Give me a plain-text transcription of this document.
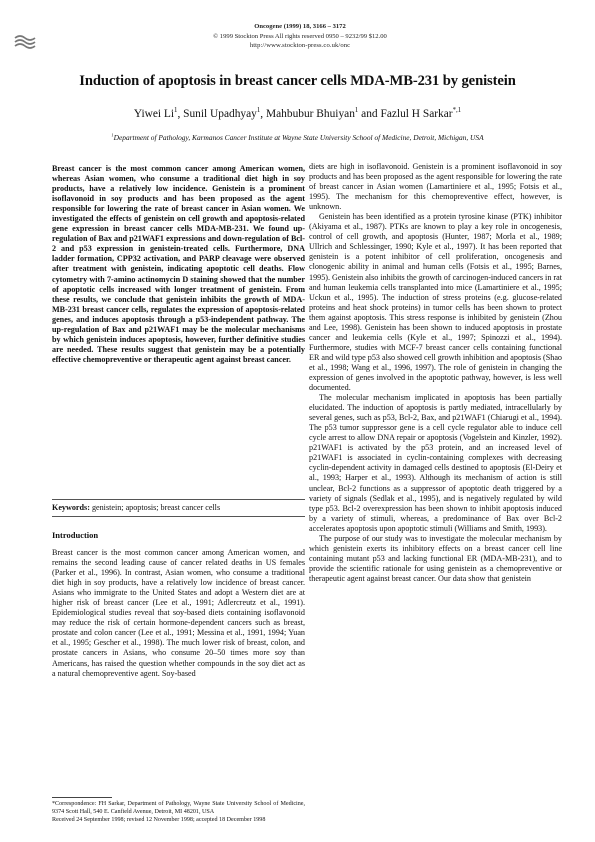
Oncogene (1999) 18, 3166 – 3172
© 1999 Stockton Press All rights reserved 0950 – 9232/99 $12.00
http://www.stockton-press.co.uk/onc
Induction of apoptosis in breast cancer cells MDA-MB-231 by genistein
Yiwei Li$^1$, Sunil Upadhyay$^1$, Mahbubur Bhuiyan$^1$ and Fazlul H Sarkar$^{*,1}$
$^1$Department of Pathology, Karmanos Cancer Institute at Wayne State University School of Medicine, Detroit, Michigan, USA

Breast cancer is the most common cancer among American women, whereas Asian women, who consume a traditional diet high in soy products, have a relatively low incidence. Genistein is a prominent isoflavonoid in soy products and has been proposed as the agent responsible for lowering the rate of breast cancer in Asian women. We investigated the effects of genistein on cell growth and apoptosis-related gene expression in breast cancer cells MDA-MB-231. We found up-regulation of Bax and p21WAF1 expressions and down-regulation of Bcl-2 and p53 expression in genistein-treated cells. Furthermore, DNA ladder formation, CPP32 activation, and PARP cleavage were observed after treatment with genistein, indicating apoptotic cell deaths. Flow cytometry with 7-amino actinomycin D staining showed that the number of apoptotic cells increased with longer treatment of genistein. From these results, we conclude that genistein inhibits the growth of MDA-MB-231 breast cancer cells, regulates the expression of apoptosis-related genes, and induces apoptosis through a p53-independent pathway. The up-regulation of Bax and p21WAF1 may be the molecular mechanisms by which genistein induces apoptosis, however, further definitive studies are needed. These results suggest that genistein may be a potentially effective chemopreventive or therapeutic agent against breast cancer.

Keywords: genistein; apoptosis; breast cancer cells
Introduction

Breast cancer is the most common cancer among American women, and remains the second leading cause of cancer related deaths in US females (Parker et al., 1996). In contrast, Asian women, who consume a traditional diet high in soy products, have a relatively low incidence of breast cancer. Asians who immigrate to the United States and adopt a Western diet are at higher risk of breast cancer (Lee et al., 1991; Adlercreutz et al., 1991). Epidemiological studies reveal that soy-based diets containing isoflavonoid may reduce the risk of certain hormone-dependent cancers such as breast, prostate and colon cancer (Lee et al., 1991; Messina et al., 1991, 1994; Yuan et al., 1995; Gescher et al., 1998). The much lower risk of breast, colon, and prostate cancers in Asians, who consume 20–50 times more soy than Americans, has raised the question whether compounds in the soy diet act as a natural chemopreventive agent. Soy-based

*Correspondence: FH Sarkar, Department of Pathology, Wayne State University School of Medicine, 9374 Scott Hall, 540 E. Canfield Avenue, Detroit, MI 48201, USA
Received 24 September 1998; revised 12 November 1998; accepted 18 December 1998

diets are high in isoflavonoid. Genistein is a prominent isoflavonoid in soy products and has been proposed as the agent responsible for lowering the rate of breast cancer in Asian women (Lamartiniere et al., 1995; Fotsis et al., 1995). The mechanism for this chemopreventive effect, however, is unknown.

Genistein has been identified as a protein tyrosine kinase (PTK) inhibitor (Akiyama et al., 1987). PTKs are known to play a key role in oncogenesis, control of cell growth, and apoptosis (Hunter, 1987; Morla et al., 1989; Ullrich and Schlessinger, 1990; Kyle et al., 1997). It has been reported that genistein is a potent inhibitor of cell proliferation, oncogenesis and clonogenic ability in animal and human cells (Fotsis et al., 1995; Barnes, 1995). Genistein also inhibits the growth of carcinogen-induced cancers in rat and human leukemia cells transplanted into mice (Lamartiniere et al., 1995; Uckun et al., 1995). The induction of stress proteins (e.g. glucose-related proteins and heat shock proteins) in tumor cells has been shown to protect them against apoptosis. This stress response is inhibited by genistein (Zhou and Lee, 1998). Genistein has been shown to induced apoptosis in prostate cancer and leukemia cells (Kyle et al., 1997; Spinozzi et al., 1994). Furthermore, studies with MCF-7 breast cancer cells containing functional ER and wild type p53 also showed cell growth inhibition and apoptosis (Shao et al., 1998; Wang et al., 1996, 1997). The role of genistein in changing the expression of genes involved in the apoptotic pathway, however, is less well documented.

The molecular mechanism implicated in apoptosis has been partially elucidated. The induction of apoptosis is partly mediated, intracellularly by several genes, such as p53, Bcl-2, Bax, and p21WAF1 (Chiarugi et al., 1994). The p53 tumor suppressor gene is a cell cycle regulator able to induce cell cycle arrest to allow DNA repair or apoptosis (Vogelstein and Kinzler, 1992). p21WAF1 is activated by the p53 protein, and an increased level of p21WAF1 is associated in cyclin-containing complexes with decreasing cyclin-dependent activity in damaged cells destined to apoptosis (El-Deiry et al., 1993; Harper et al., 1993). Although its mechanism of action is still unclear, Bcl-2 functions as a suppressor of apoptotic death triggered by a variety of signals (Sedlak et al., 1995), and is negatively regulated by wild type p53. Bcl-2 overexpression has been shown to inhibit apoptosis induced by a variety of stimuli, whereas, a predominance of Bax over Bcl-2 accelerates apoptosis upon apoptotic stimuli (Williams and Smith, 1993).

The purpose of our study was to investigate the molecular mechanism by which genistein exerts its inhibitory effects on a breast cancer cell line containing mutant p53 and lacking functional ER (MDA-MB-231), and to provide the scientific rationale for using genistein as a chemopreventive or therapeutic agent against breast cancer. Our data show that genistein
